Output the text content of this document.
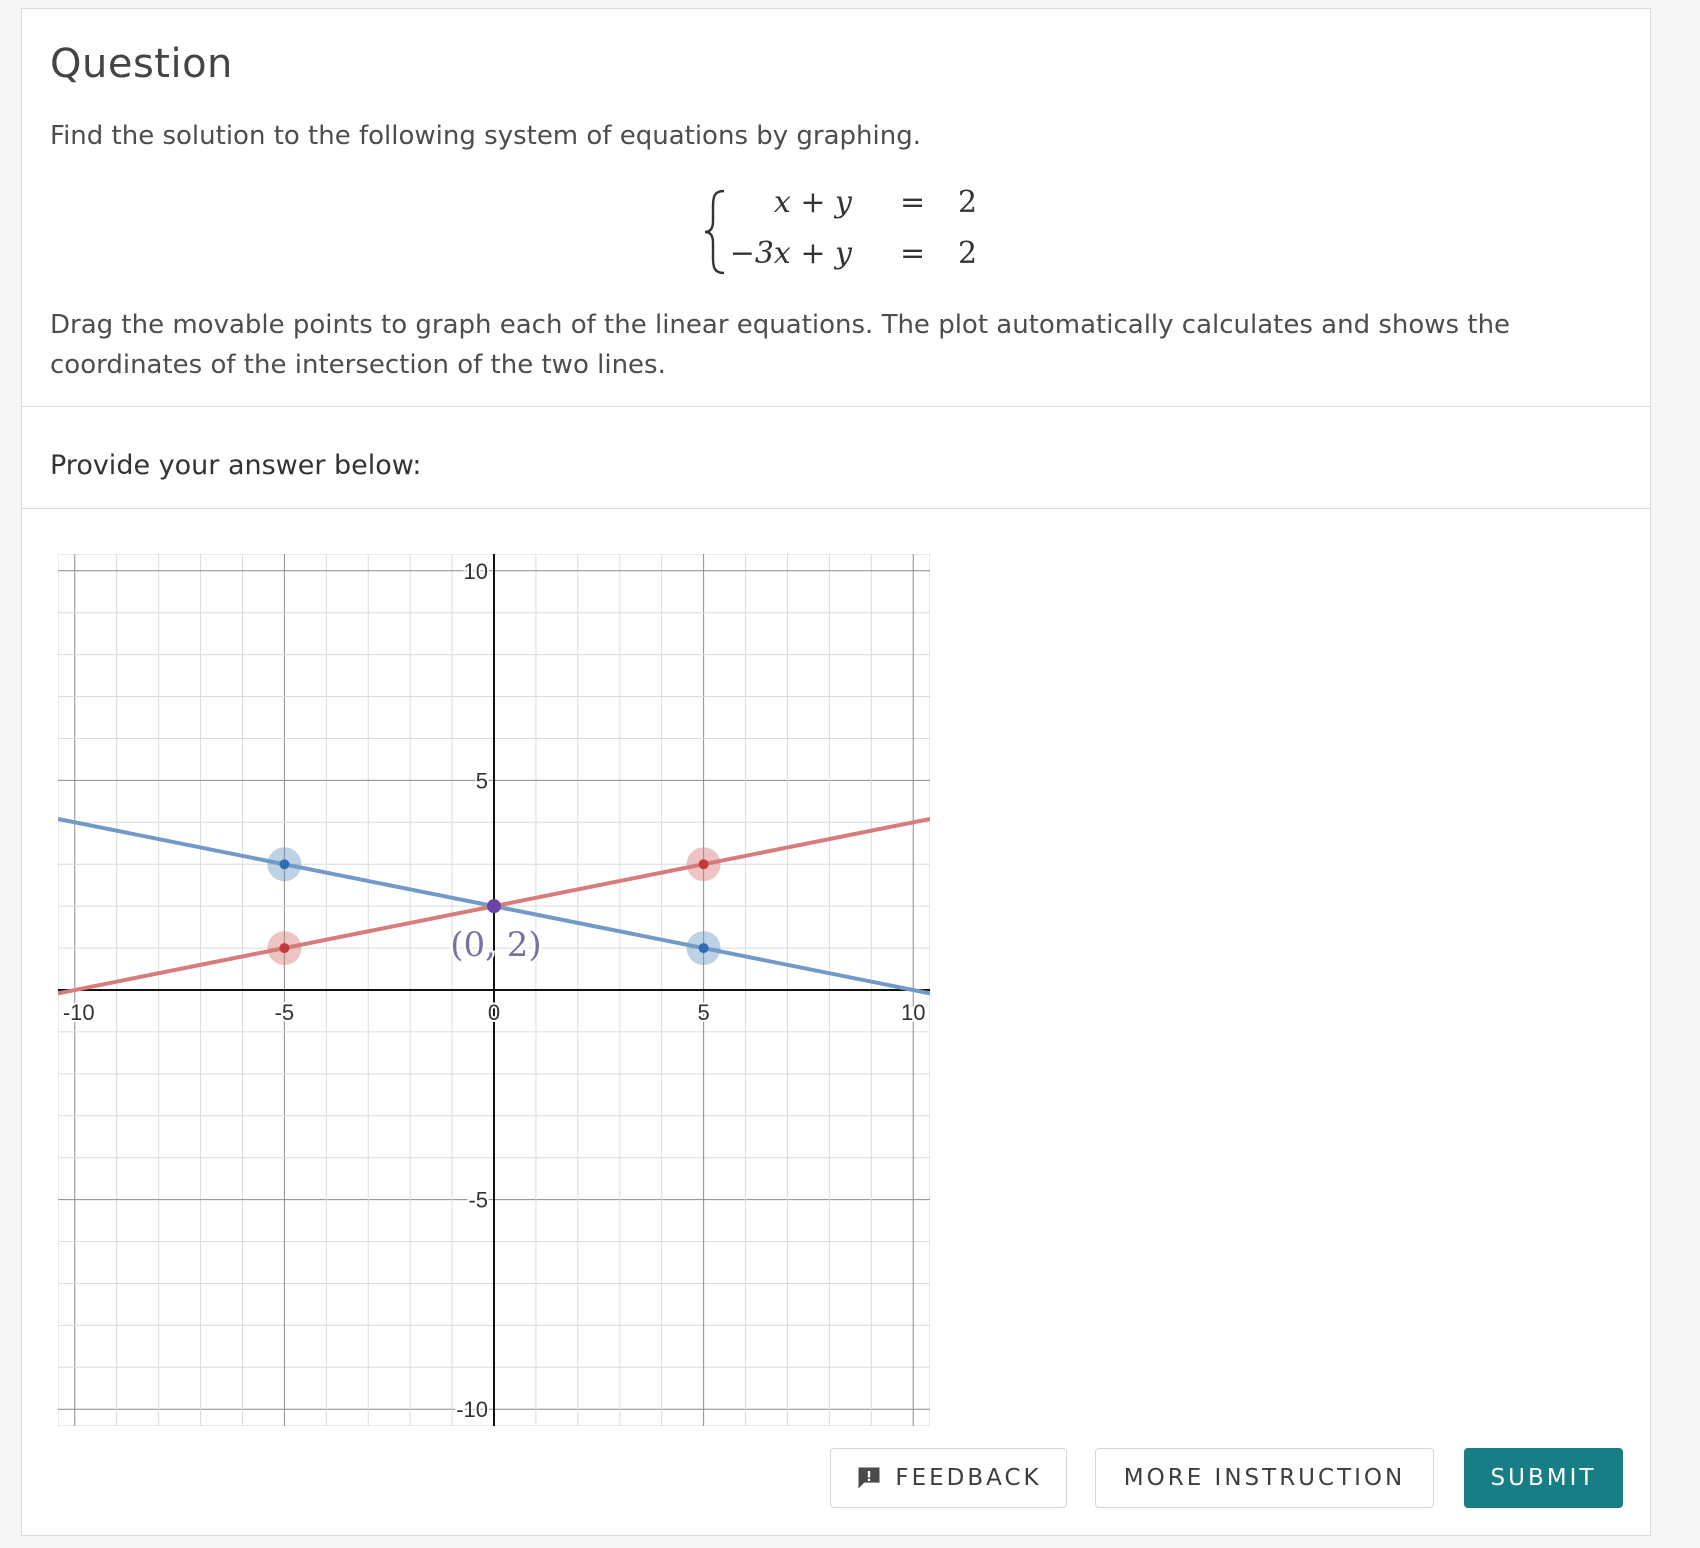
Question
Find the solution to the following system of equations by graphing.
x + y = 2
−3x + y = 2
Drag the movable points to graph each of the linear equations. The plot automatically calculates and shows the coordinates of the intersection of the two lines.
Provide your answer below:
-10	-5	0	5	10
10
5
-5
-10
(0, 2)
FEEDBACK	MORE INSTRUCTION	SUBMIT
